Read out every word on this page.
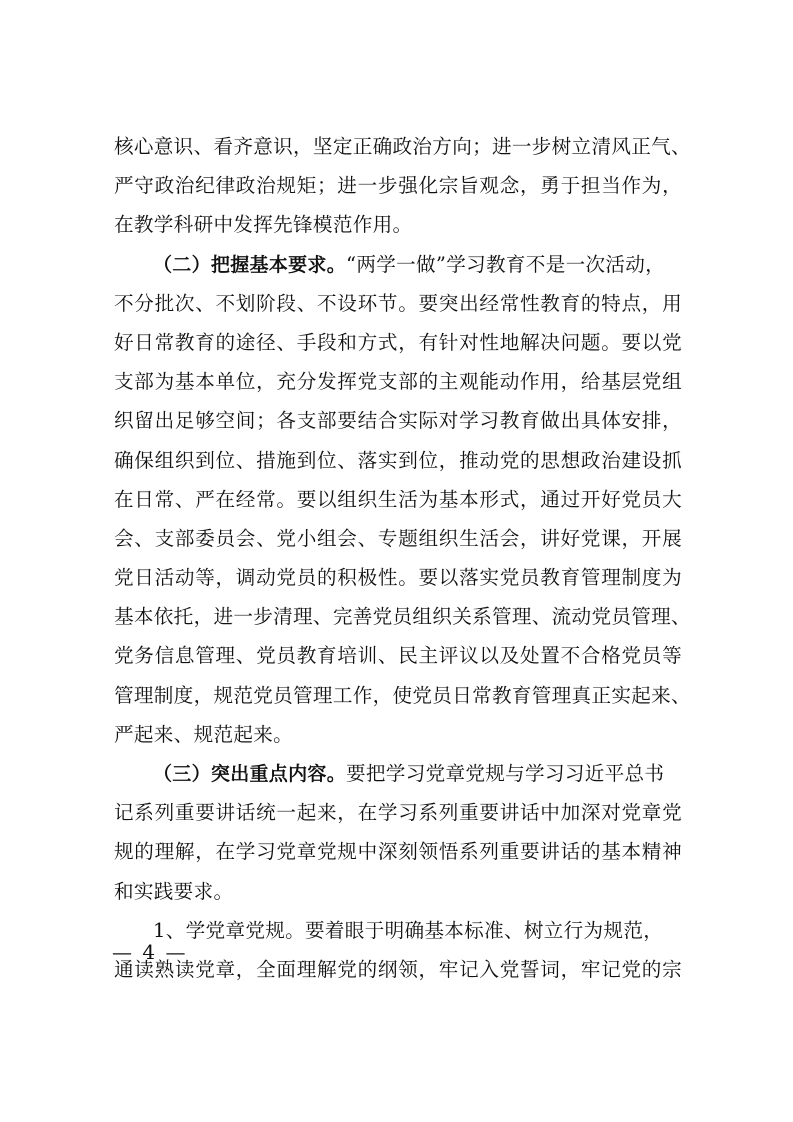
核心意识、看齐意识，坚定正确政治方向；进一步树立清风正气、
严守政治纪律政治规矩；进一步强化宗旨观念，勇于担当作为，
在教学科研中发挥先锋模范作用。
（二）把握基本要求。“两学一做”学习教育不是一次活动，
不分批次、不划阶段、不设环节。要突出经常性教育的特点，用
好日常教育的途径、手段和方式，有针对性地解决问题。要以党
支部为基本单位，充分发挥党支部的主观能动作用，给基层党组
织留出足够空间；各支部要结合实际对学习教育做出具体安排，
确保组织到位、措施到位、落实到位，推动党的思想政治建设抓
在日常、严在经常。要以组织生活为基本形式，通过开好党员大
会、支部委员会、党小组会、专题组织生活会，讲好党课，开展
党日活动等，调动党员的积极性。要以落实党员教育管理制度为
基本依托，进一步清理、完善党员组织关系管理、流动党员管理、
党务信息管理、党员教育培训、民主评议以及处置不合格党员等
管理制度，规范党员管理工作，使党员日常教育管理真正实起来、
严起来、规范起来。
（三）突出重点内容。要把学习党章党规与学习习近平总书
记系列重要讲话统一起来，在学习系列重要讲话中加深对党章党
规的理解，在学习党章党规中深刻领悟系列重要讲话的基本精神
和实践要求。
1、学党章党规。要着眼于明确基本标准、树立行为规范，
通读熟读党章，全面理解党的纲领，牢记入党誓词，牢记党的宗
— 4 —
